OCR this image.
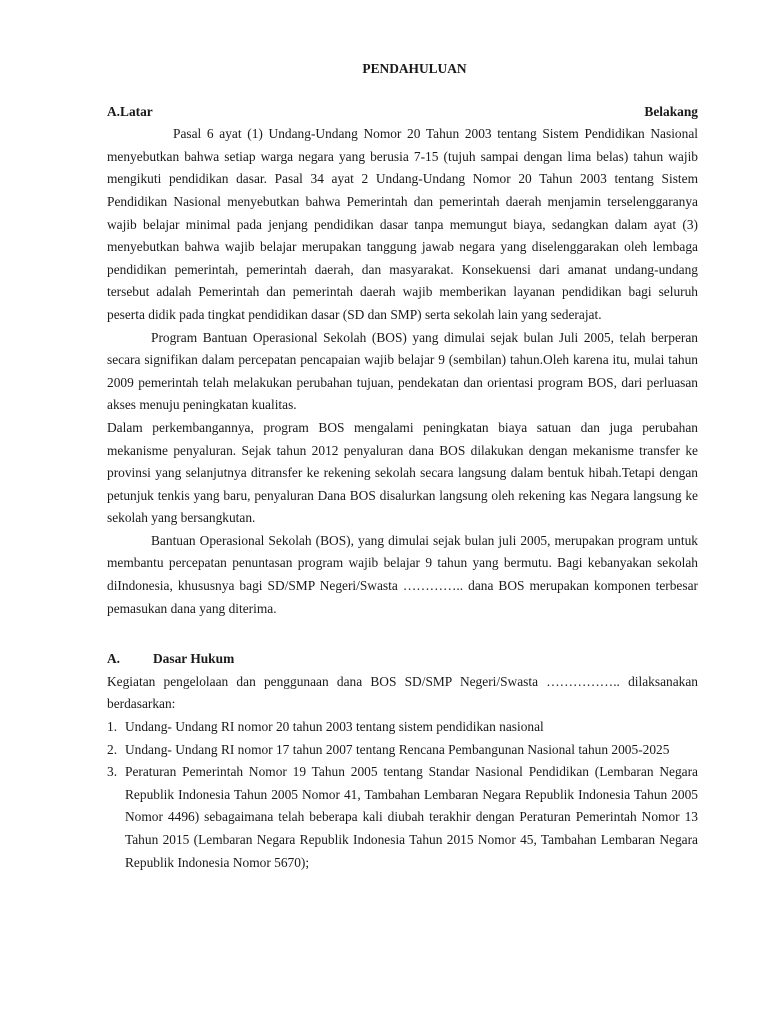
PENDAHULUAN
A.Latar	Belakang

Pasal 6 ayat (1) Undang-Undang Nomor 20 Tahun 2003 tentang Sistem Pendidikan Nasional menyebutkan bahwa setiap warga negara yang berusia 7-15 (tujuh sampai dengan lima belas) tahun wajib mengikuti pendidikan dasar. Pasal 34 ayat 2 Undang-Undang Nomor 20 Tahun 2003 tentang Sistem Pendidikan Nasional menyebutkan bahwa Pemerintah dan pemerintah daerah menjamin terselenggaranya wajib belajar minimal pada jenjang pendidikan dasar tanpa memungut biaya, sedangkan dalam ayat (3) menyebutkan bahwa wajib belajar merupakan tanggung jawab negara yang diselenggarakan oleh lembaga pendidikan pemerintah, pemerintah daerah, dan masyarakat. Konsekuensi dari amanat undang-undang tersebut adalah Pemerintah dan pemerintah daerah wajib memberikan layanan pendidikan bagi seluruh peserta didik pada tingkat pendidikan dasar (SD dan SMP) serta sekolah lain yang sederajat.

Program Bantuan Operasional Sekolah (BOS) yang dimulai sejak bulan Juli 2005, telah berperan secara signifikan dalam percepatan pencapaian wajib belajar 9 (sembilan) tahun.Oleh karena itu, mulai tahun 2009 pemerintah telah melakukan perubahan tujuan, pendekatan dan orientasi program BOS, dari perluasan akses menuju peningkatan kualitas.

Dalam perkembangannya, program BOS mengalami peningkatan biaya satuan dan juga perubahan mekanisme penyaluran. Sejak tahun 2012 penyaluran dana BOS dilakukan dengan mekanisme transfer ke provinsi yang selanjutnya ditransfer ke rekening sekolah secara langsung dalam bentuk hibah.Tetapi dengan petunjuk tenkis yang baru, penyaluran Dana BOS disalurkan langsung oleh rekening kas Negara langsung ke sekolah yang bersangkutan.

Bantuan Operasional Sekolah (BOS), yang dimulai sejak bulan juli 2005, merupakan program untuk membantu percepatan penuntasan program wajib belajar 9 tahun yang bermutu. Bagi kebanyakan sekolah diIndonesia, khususnya bagi SD/SMP Negeri/Swasta ………….. dana BOS merupakan komponen terbesar pemasukan dana yang diterima.

A.	Dasar Hukum

Kegiatan pengelolaan dan penggunaan dana BOS SD/SMP Negeri/Swasta …………….. dilaksanakan berdasarkan:

1. Undang- Undang RI nomor 20 tahun 2003 tentang sistem pendidikan nasional
2. Undang- Undang RI nomor 17 tahun 2007 tentang Rencana Pembangunan Nasional tahun 2005-2025
3. Peraturan Pemerintah Nomor 19 Tahun 2005 tentang Standar Nasional Pendidikan (Lembaran Negara Republik Indonesia Tahun 2005 Nomor 41, Tambahan Lembaran Negara Republik Indonesia Tahun 2005 Nomor 4496) sebagaimana telah beberapa kali diubah terakhir dengan Peraturan Pemerintah Nomor 13 Tahun 2015 (Lembaran Negara Republik Indonesia Tahun 2015 Nomor 45, Tambahan Lembaran Negara Republik Indonesia Nomor 5670);
